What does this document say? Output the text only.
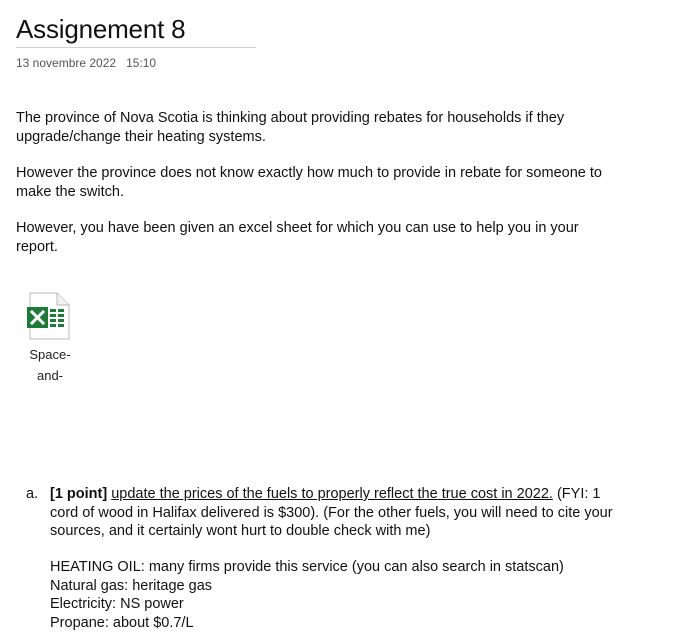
Assignement 8
13 novembre 2022 15:10

The province of Nova Scotia is thinking about providing rebates for households if they upgrade/change their heating systems.

However the province does not know exactly how much to provide in rebate for someone to make the switch.

However, you have been given an excel sheet for which you can use to help you in your report.

Space-
and-
a. [1 point] update the prices of the fuels to properly reflect the true cost in 2022. (FYI: 1 cord of wood in Halifax delivered is $300). (For the other fuels, you will need to cite your sources, and it certainly wont hurt to double check with me)
HEATING OIL: many firms provide this service (you can also search in statscan)
Natural gas: heritage gas
Electricity: NS power
Propane: about $0.7/L
